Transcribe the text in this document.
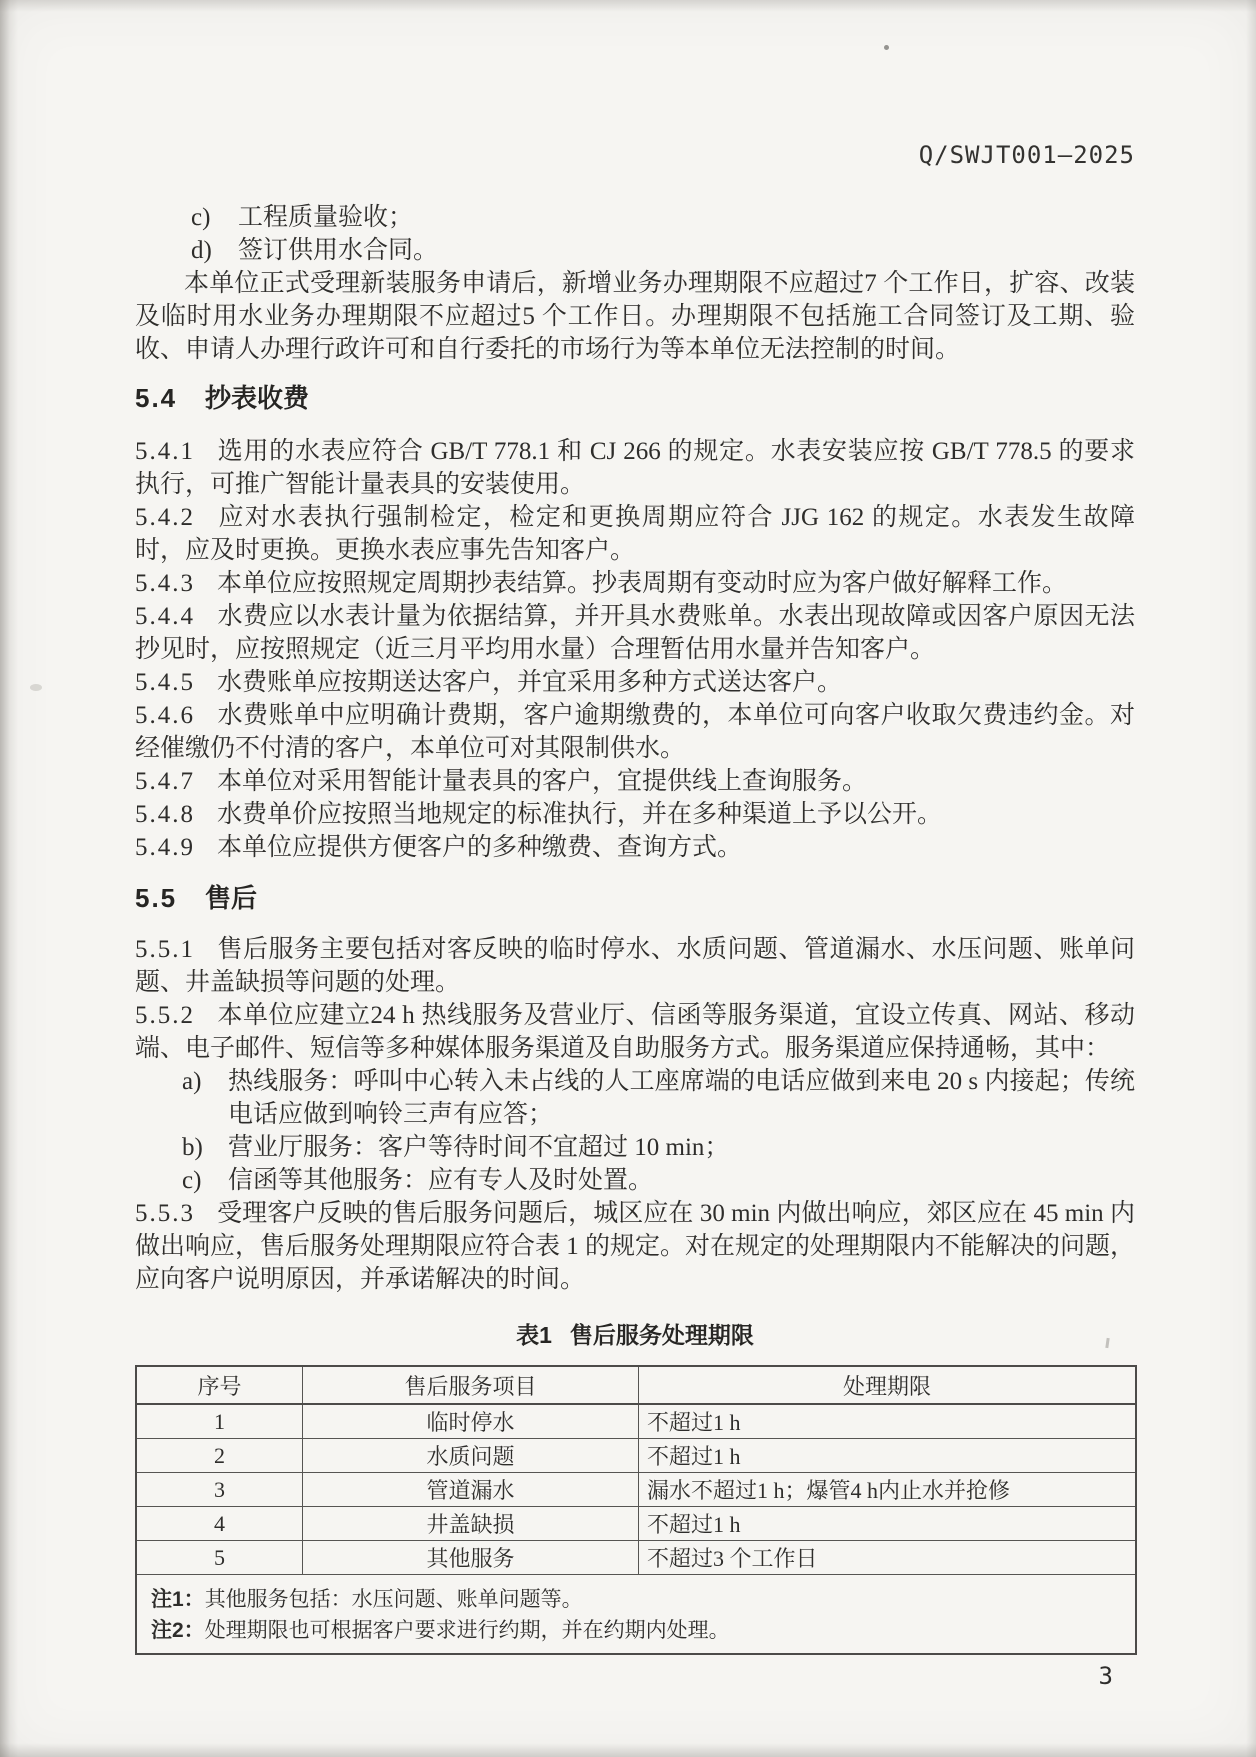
Q/SWJT001—2025
c)	工程质量验收；
d)	签订供用水合同。

本单位正式受理新装服务申请后，新增业务办理期限不应超过7 个工作日，扩容、改装及临时用水业务办理期限不应超过5 个工作日。办理期限不包括施工合同签订及工期、验收、申请人办理行政许可和自行委托的市场行为等本单位无法控制的时间。

5.4 抄表收费

5.4.1 选用的水表应符合 GB/T 778.1 和 CJ 266 的规定。水表安装应按 GB/T 778.5 的要求执行，可推广智能计量表具的安装使用。

5.4.2 应对水表执行强制检定，检定和更换周期应符合 JJG 162 的规定。水表发生故障时，应及时更换。更换水表应事先告知客户。

5.4.3 本单位应按照规定周期抄表结算。抄表周期有变动时应为客户做好解释工作。

5.4.4 水费应以水表计量为依据结算，并开具水费账单。水表出现故障或因客户原因无法抄见时，应按照规定（近三月平均用水量）合理暂估用水量并告知客户。

5.4.5 水费账单应按期送达客户，并宜采用多种方式送达客户。

5.4.6 水费账单中应明确计费期，客户逾期缴费的，本单位可向客户收取欠费违约金。对经催缴仍不付清的客户，本单位可对其限制供水。

5.4.7 本单位对采用智能计量表具的客户，宜提供线上查询服务。

5.4.8 水费单价应按照当地规定的标准执行，并在多种渠道上予以公开。

5.4.9 本单位应提供方便客户的多种缴费、查询方式。

5.5 售后

5.5.1 售后服务主要包括对客反映的临时停水、水质问题、管道漏水、水压问题、账单问题、井盖缺损等问题的处理。

5.5.2 本单位应建立24 h 热线服务及营业厅、信函等服务渠道，宜设立传真、网站、移动端、电子邮件、短信等多种媒体服务渠道及自助服务方式。服务渠道应保持通畅，其中：

a)	热线服务：呼叫中心转入未占线的人工座席端的电话应做到来电 20 s 内接起；传统电话应做到响铃三声有应答；
b)	营业厅服务：客户等待时间不宜超过 10 min；
c)	信函等其他服务：应有专人及时处置。

5.5.3 受理客户反映的售后服务问题后，城区应在 30 min 内做出响应，郊区应在 45 min 内做出响应，售后服务处理期限应符合表 1 的规定。对在规定的处理期限内不能解决的问题，应向客户说明原因，并承诺解决的时间。

表1 售后服务处理期限
序号	售后服务项目	处理期限
1	临时停水	不超过1 h
2	水质问题	不超过1 h
3	管道漏水	漏水不超过1 h；爆管4 h内止水并抢修
4	井盖缺损	不超过1 h
5	其他服务	不超过3 个工作日

注1：其他服务包括：水压问题、账单问题等。
注2：处理期限也可根据客户要求进行约期，并在约期内处理。		
3
